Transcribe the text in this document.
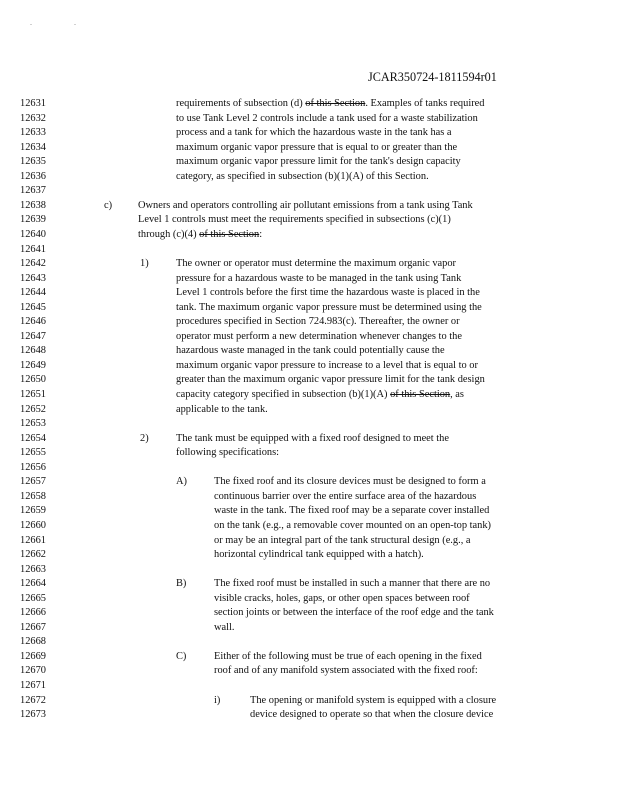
. .
JCAR350724-1811594r01
12631	requirements of subsection (d) of this Section. Examples of tanks required
12632	to use Tank Level 2 controls include a tank used for a waste stabilization
12633	process and a tank for which the hazardous waste in the tank has a
12634	maximum organic vapor pressure that is equal to or greater than the
12635	maximum organic vapor pressure limit for the tank's design capacity
12636	category, as specified in subsection (b)(1)(A) of this Section.
12637
12638	c) Owners and operators controlling air pollutant emissions from a tank using Tank
12639	Level 1 controls must meet the requirements specified in subsections (c)(1)
12640	through (c)(4) of this Section:
12641
12642	1)	The owner or operator must determine the maximum organic vapor
12643	pressure for a hazardous waste to be managed in the tank using Tank
12644	Level 1 controls before the first time the hazardous waste is placed in the
12645	tank. The maximum organic vapor pressure must be determined using the
12646	procedures specified in Section 724.983(c). Thereafter, the owner or
12647	operator must perform a new determination whenever changes to the
12648	hazardous waste managed in the tank could potentially cause the
12649	maximum organic vapor pressure to increase to a level that is equal to or
12650	greater than the maximum organic vapor pressure limit for the tank design
12651	capacity category specified in subsection (b)(1)(A) of this Section, as
12652	applicable to the tank.
12653
12654	2)	The tank must be equipped with a fixed roof designed to meet the
12655	following specifications:
12656
12657	A)	The fixed roof and its closure devices must be designed to form a
12658	continuous barrier over the entire surface area of the hazardous
12659	waste in the tank. The fixed roof may be a separate cover installed
12660	on the tank (e.g., a removable cover mounted on an open-top tank)
12661	or may be an integral part of the tank structural design (e.g., a
12662	horizontal cylindrical tank equipped with a hatch).
12663
12664	B)	The fixed roof must be installed in such a manner that there are no
12665	visible cracks, holes, gaps, or other open spaces between roof
12666	section joints or between the interface of the roof edge and the tank
12667	wall.
12668
12669	C)	Either of the following must be true of each opening in the fixed
12670	roof and of any manifold system associated with the fixed roof:
12671
12672	i)	The opening or manifold system is equipped with a closure
12673	device designed to operate so that when the closure device
